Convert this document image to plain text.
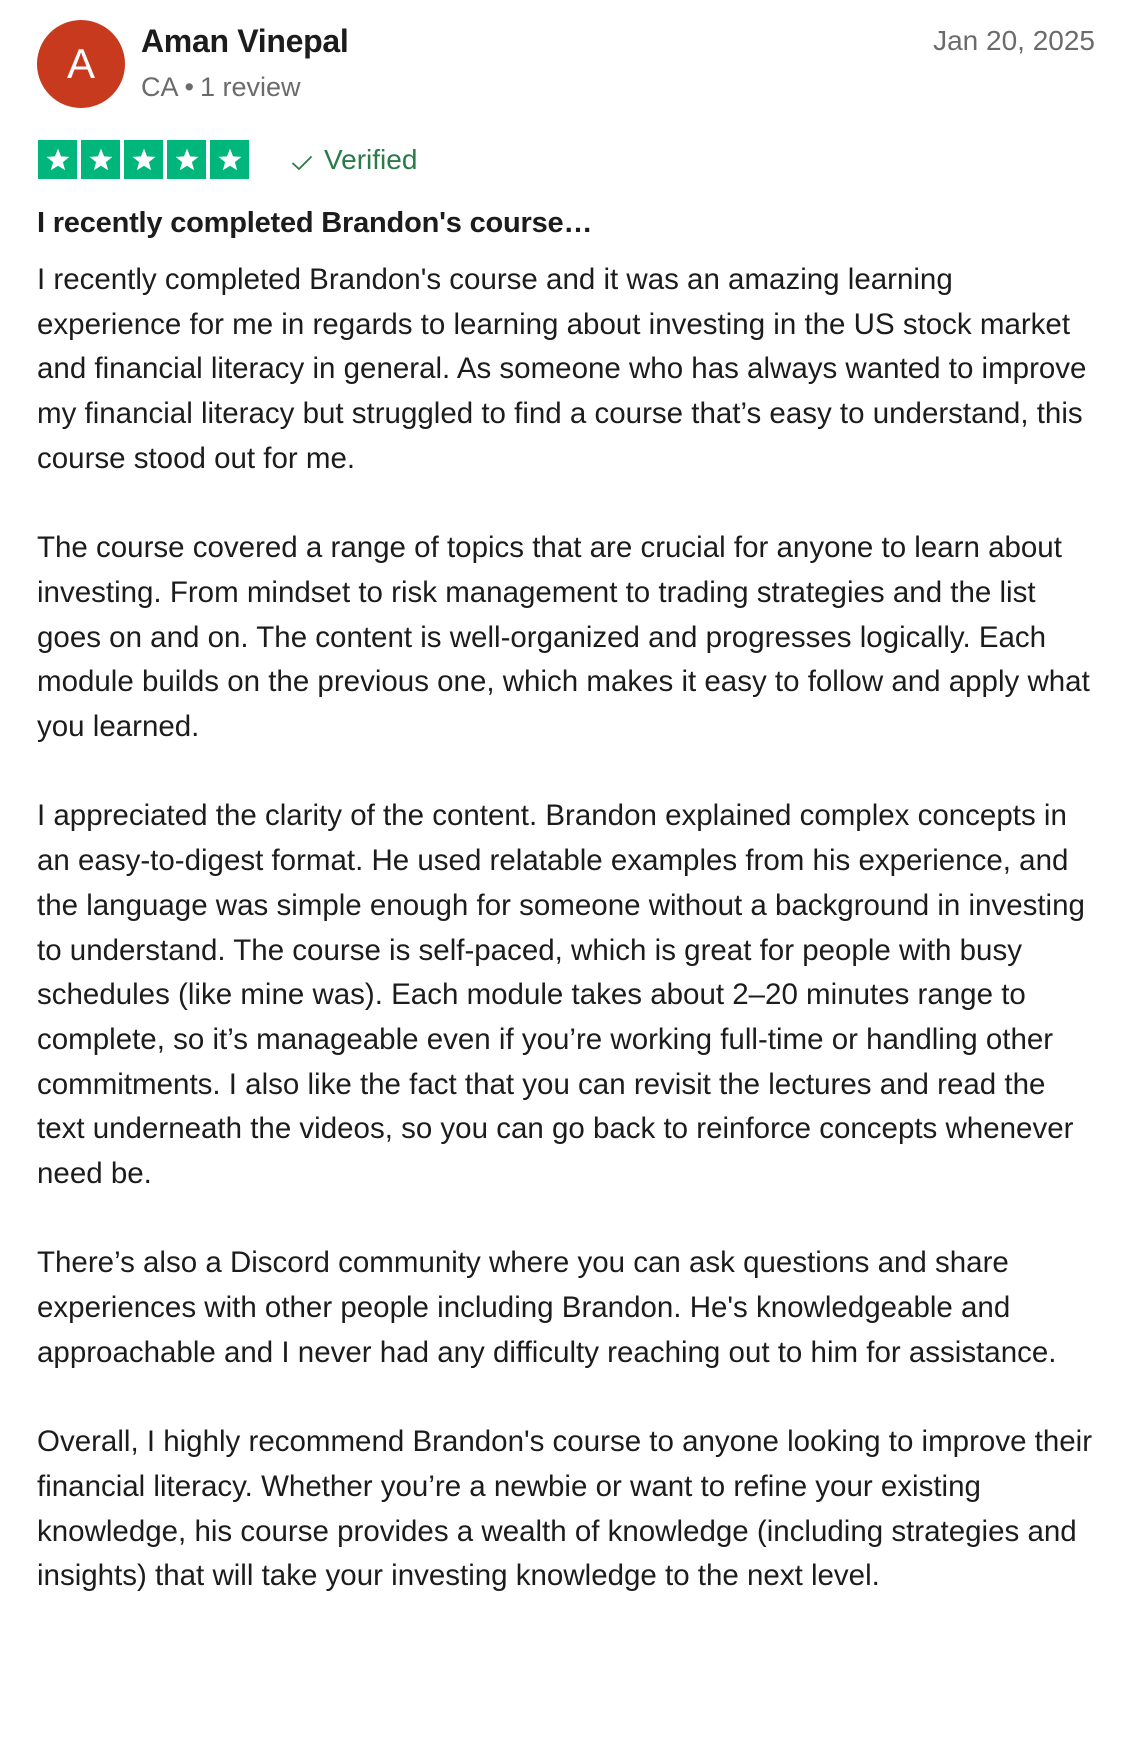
A	Aman Vinepal
CA • 1 review
Jan 20, 2025
Verified
I recently completed Brandon's course…

I recently completed Brandon's course and it was an amazing learning experience for me in regards to learning about investing in the US stock market and financial literacy in general. As someone who has always wanted to improve my financial literacy but struggled to find a course that’s easy to understand, this course stood out for me.

The course covered a range of topics that are crucial for anyone to learn about investing. From mindset to risk management to trading strategies and the list goes on and on. The content is well-organized and progresses logically. Each module builds on the previous one, which makes it easy to follow and apply what you learned.

I appreciated the clarity of the content. Brandon explained complex concepts in an easy-to-digest format. He used relatable examples from his experience, and the language was simple enough for someone without a background in investing to understand. The course is self-paced, which is great for people with busy schedules (like mine was). Each module takes about 2–20 minutes range to complete, so it’s manageable even if you’re working full-time or handling other commitments. I also like the fact that you can revisit the lectures and read the text underneath the videos, so you can go back to reinforce concepts whenever need be.

There’s also a Discord community where you can ask questions and share experiences with other people including Brandon. He's knowledgeable and approachable and I never had any difficulty reaching out to him for assistance.

Overall, I highly recommend Brandon's course to anyone looking to improve their financial literacy. Whether you’re a newbie or want to refine your existing knowledge, his course provides a wealth of knowledge (including strategies and insights) that will take your investing knowledge to the next level.
